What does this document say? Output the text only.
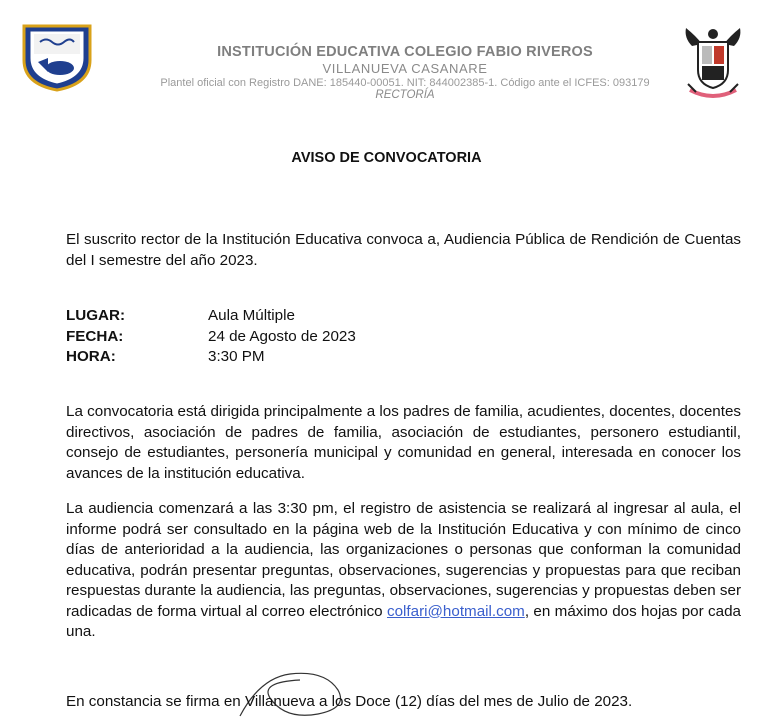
INSTITUCIÓN EDUCATIVA COLEGIO FABIO RIVEROS
VILLANUEVA CASANARE
Plantel oficial con Registro DANE: 185440-00051. NIT: 844002385-1. Código ante el ICFES: 093179
RECTORÍA
AVISO DE CONVOCATORIA
El suscrito rector de la Institución Educativa convoca a, Audiencia Pública de Rendición de Cuentas del I semestre del año 2023.
LUGAR:	Aula Múltiple
FECHA:	24 de Agosto de 2023
HORA:	3:30 PM
La convocatoria está dirigida principalmente a los padres de familia, acudientes, docentes, docentes directivos, asociación de padres de familia, asociación de estudiantes, personero estudiantil, consejo de estudiantes, personería municipal y comunidad en general, interesada en conocer los avances de la institución educativa.
La audiencia comenzará a las 3:30 pm, el registro de asistencia se realizará al ingresar al aula, el informe podrá ser consultado en la página web de la Institución Educativa y con mínimo de cinco días de anterioridad a la audiencia, las organizaciones o personas que conforman la comunidad educativa, podrán presentar preguntas, observaciones, sugerencias y propuestas para que reciban respuestas durante la audiencia, las preguntas, observaciones, sugerencias y propuestas deben ser radicadas de forma virtual al correo electrónico colfari@hotmail.com, en máximo dos hojas por cada una.
En constancia se firma en Villanueva a los Doce (12) días del mes de Julio de 2023.
